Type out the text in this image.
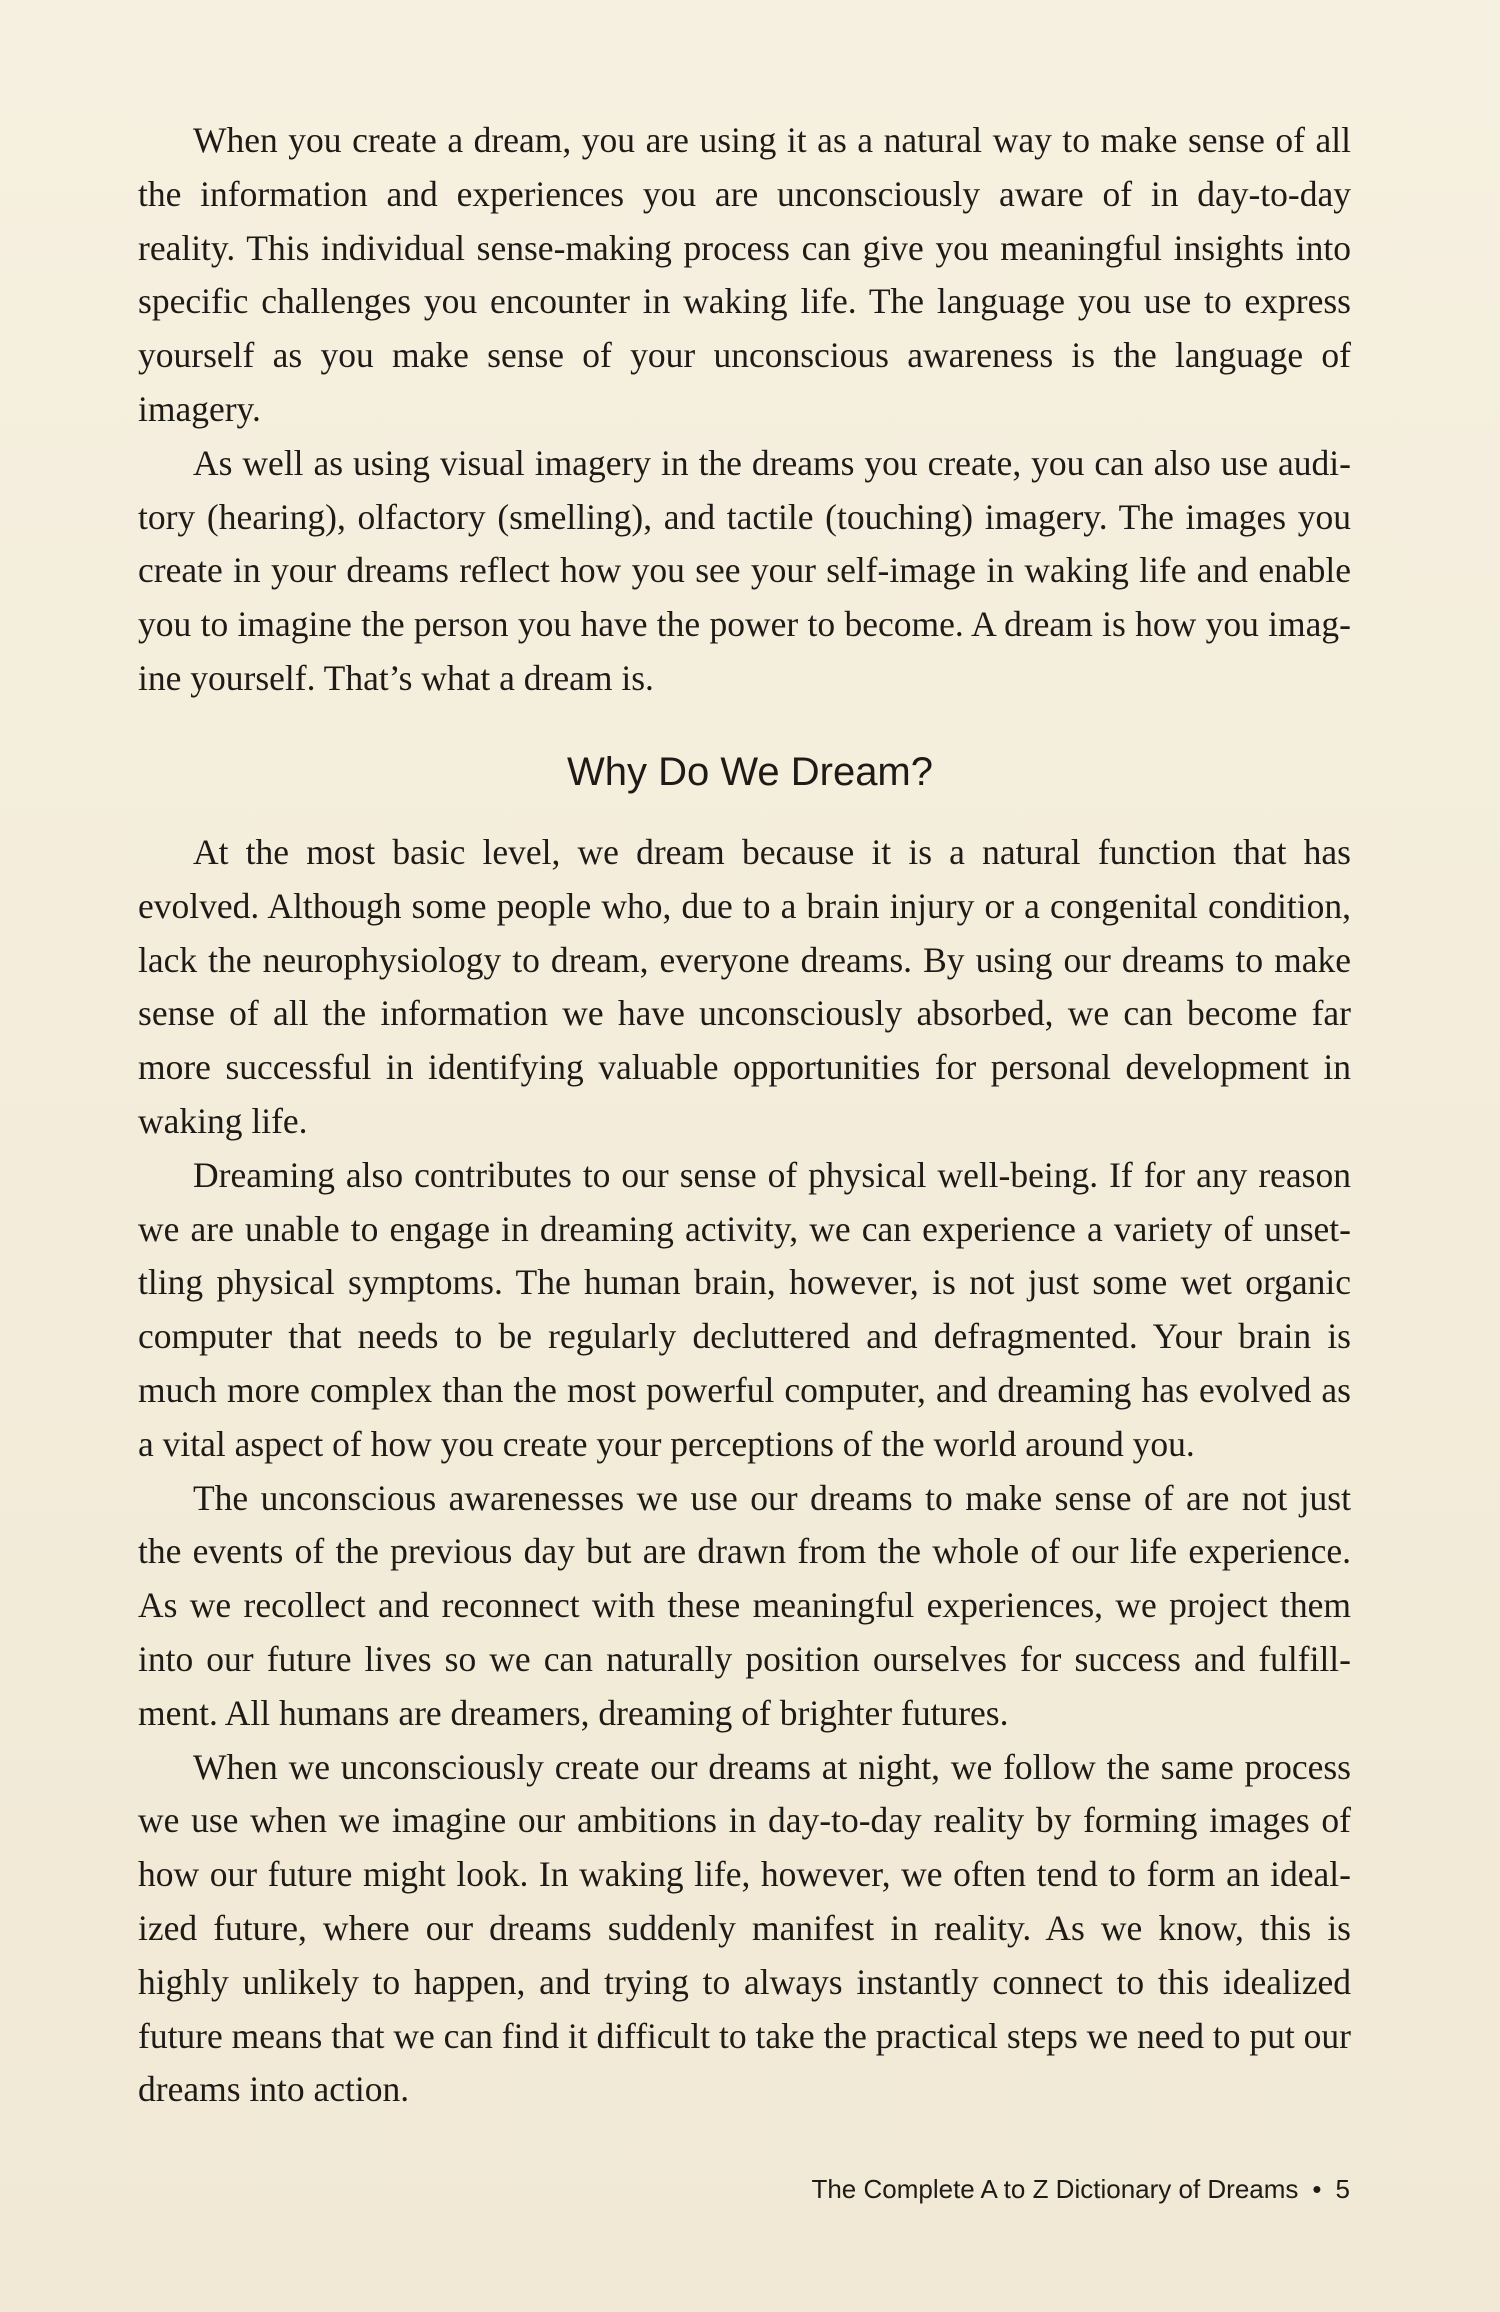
When you create a dream, you are using it as a natural way to make sense of all the information and experiences you are unconsciously aware of in day-to-day reality. This individual sense-making process can give you meaningful insights into specific challenges you encounter in waking life. The language you use to express yourself as you make sense of your unconscious awareness is the language of imagery.

As well as using visual imagery in the dreams you create, you can also use auditory (hearing), olfactory (smelling), and tactile (touching) imagery. The images you create in your dreams reflect how you see your self-image in waking life and enable you to imagine the person you have the power to become. A dream is how you imagine yourself. That’s what a dream is.

Why Do We Dream?

At the most basic level, we dream because it is a natural function that has evolved. Although some people who, due to a brain injury or a congenital condition, lack the neurophysiology to dream, everyone dreams. By using our dreams to make sense of all the information we have unconsciously absorbed, we can become far more successful in identifying valuable opportunities for personal development in waking life.

Dreaming also contributes to our sense of physical well-being. If for any reason we are unable to engage in dreaming activity, we can experience a variety of unsettling physical symptoms. The human brain, however, is not just some wet organic computer that needs to be regularly decluttered and defragmented. Your brain is much more complex than the most powerful computer, and dreaming has evolved as a vital aspect of how you create your perceptions of the world around you.

The unconscious awarenesses we use our dreams to make sense of are not just the events of the previous day but are drawn from the whole of our life experience. As we recollect and reconnect with these meaningful experiences, we project them into our future lives so we can naturally position ourselves for success and fulfillment. All humans are dreamers, dreaming of brighter futures.

When we unconsciously create our dreams at night, we follow the same process we use when we imagine our ambitions in day-to-day reality by forming images of how our future might look. In waking life, however, we often tend to form an idealized future, where our dreams suddenly manifest in reality. As we know, this is highly unlikely to happen, and trying to always instantly connect to this idealized future means that we can find it difficult to take the practical steps we need to put our dreams into action.

The Complete A to Z Dictionary of Dreams • 5
